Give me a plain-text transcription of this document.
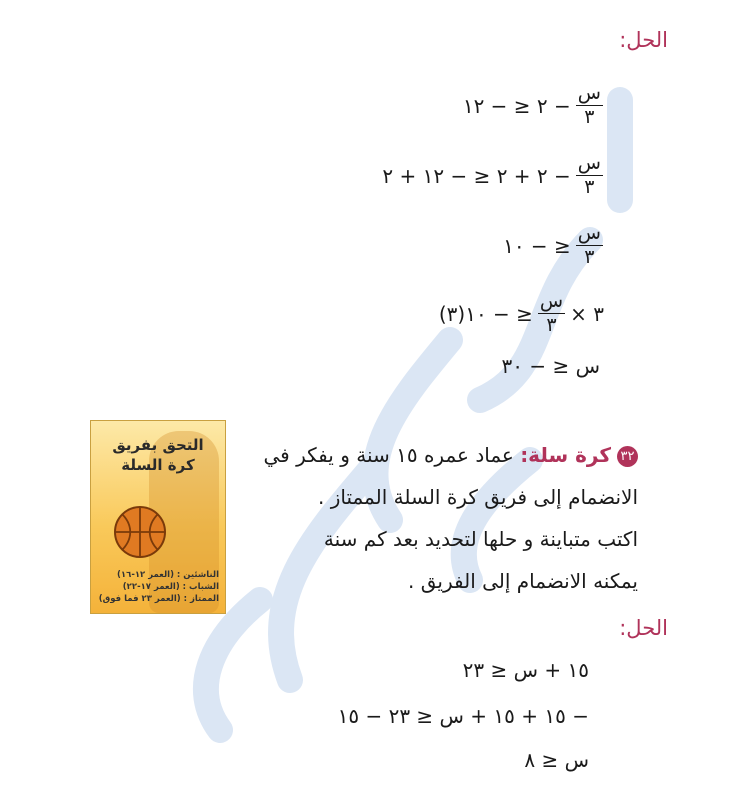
الحل:
$\frac{\text{س}}{٣}$
− ٢ ≤ − ١٢
$\frac{\text{س}}{٣}$
− ٢ + ٢ ≤ − ١٢ + ٢
$\frac{\text{س}}{٣}$
≤ − ١٠
٣ ×
$\frac{\text{س}}{٣}$
≤ − ١٠(٣)
س ≤ − ٣٠
٣٢كرة سلة: عماد عمره ١٥ سنة و يفكر في
الانضمام إلى فريق كرة السلة الممتاز .
اكتب متباينة و حلها لتحديد بعد كم سنة
يمكنه الانضمام إلى الفريق .
التحق بفريق
كرة السلة
الناشئين : (العمر ١٢-١٦)
الشباب : (العمر ١٧-٢٢)
الممتاز : (العمر ٢٣ فما فوق)
الحل:
١٥ + س ≤ ٢٣
− ١٥ + ١٥ + س ≤ ٢٣ − ١٥
س ≤ ٨
